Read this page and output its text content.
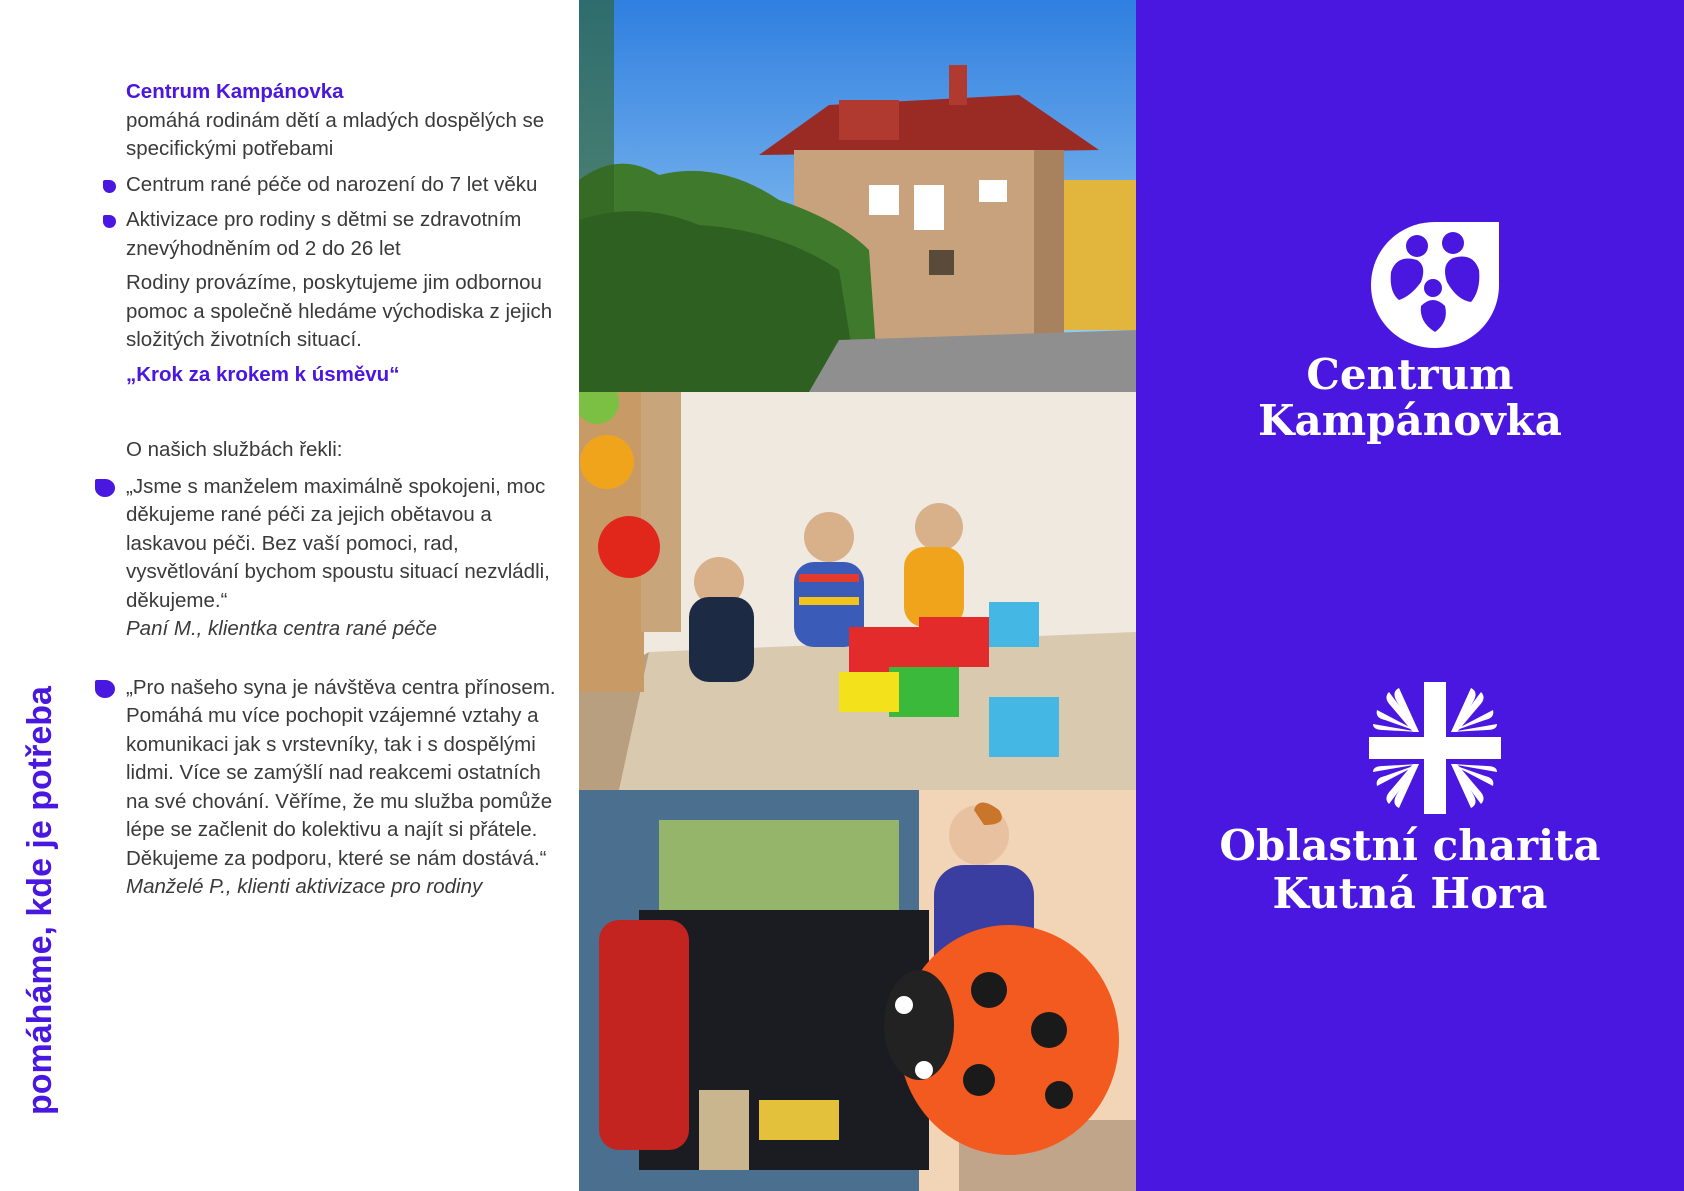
pomáháme, kde je potřeba

Centrum Kampánovka

pomáhá rodinám dětí a mladých dospělých se specifickými potřebami

Centrum rané péče od narození do 7 let věku

Aktivizace pro rodiny s dětmi se zdravotním znevýhodněním od 2 do 26 let

Rodiny provázíme, poskytujeme jim odbornou pomoc a společně hledáme východiska z jejich složitých životních situací.

„Krok za krokem k úsměvu“

O našich službách řekli:

„Jsme s manželem maximálně spokojeni, moc děkujeme rané péči za jejich obětavou a laskavou péči. Bez vaší pomoci, rad, vysvětlování bychom spoustu situací nezvládli, děkujeme.“

Paní M., klientka centra rané péče

„Pro našeho syna je návštěva centra přínosem. Pomáhá mu více pochopit vzájemné vztahy a komunikaci jak s vrstevníky, tak i s dospělými lidmi. Více se zamýšlí nad reakcemi ostatních na své chování. Věříme, že mu služba pomůže lépe se začlenit do kolektivu a najít si přátele. Děkujeme za podporu, které se nám dostává.“

Manželé P., klienti aktivizace pro rodiny

Centrum
Kampánovka
Oblastní charita
Kutná Hora
